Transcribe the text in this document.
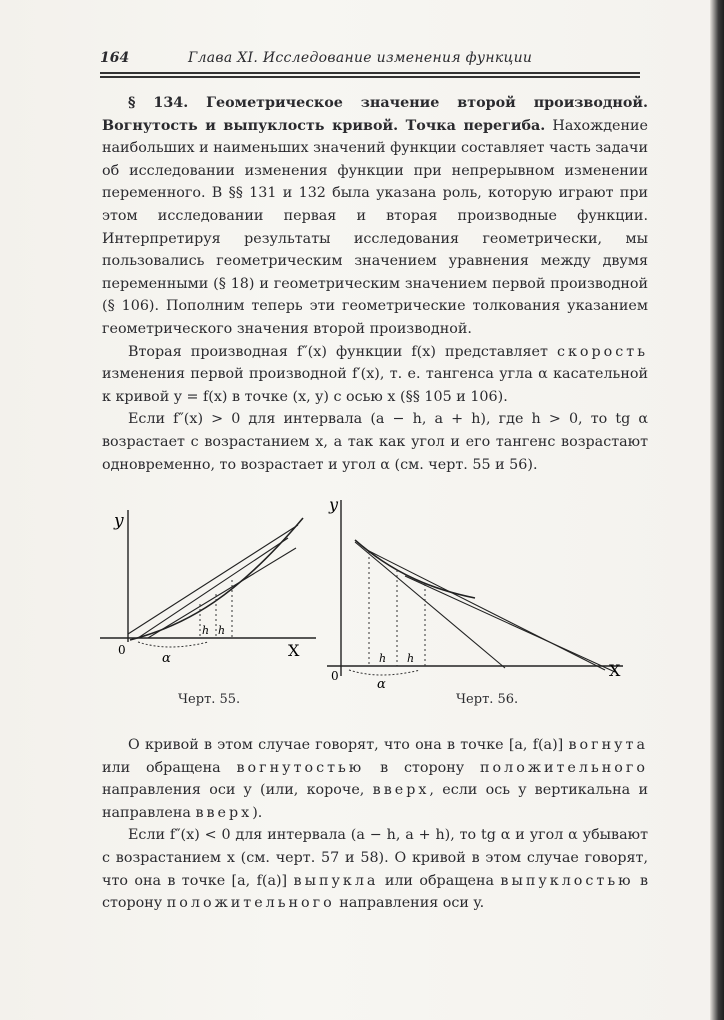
164	Глава XI. Исследование изменения функции

§ 134. Геометрическое значение второй производной. Вогнутость и выпуклость кривой. Точка перегиба. Нахождение наибольших и наименьших значений функции составляет часть задачи об исследовании изменения функции при непрерывном изменении переменного. В §§ 131 и 132 была указана роль, которую играют при этом исследовании первая и вторая производные функции. Интерпретируя результаты исследования геометрически, мы пользовались геометрическим значением уравнения между двумя переменными (§ 18) и геометрическим значением первой производной (§ 106). Пополним теперь эти геометрические толкования указанием геометрического значения второй производной.

Вторая производная f″(x) функции f(x) представляет скорость изменения первой производной f′(x), т. е. тангенса угла α касательной к кривой y = f(x) в точке (x, y) с осью x (§§ 105 и 106).

Если f″(x) > 0 для интервала (a − h, a + h), где h > 0, то tg α возрастает с возрастанием x, а так как угол и его тангенс возрастают одновременно, то возрастает и угол α (см. черт. 55 и 56).

y
X
0
α
h h
Черт. 55.
y
X
0
α
h h
Черт. 56.

О кривой в этом случае говорят, что она в точке [a, f(a)] вогнута или обращена вогнутостью в сторону положительного направления оси y (или, короче, вверх, если ось y вертикальна и направлена вверх).

Если f″(x) < 0 для интервала (a − h, a + h), то tg α и угол α убывают с возрастанием x (см. черт. 57 и 58). О кривой в этом случае говорят, что она в точке [a, f(a)] выпукла или обращена выпуклостью в сторону положительного направления оси y.
